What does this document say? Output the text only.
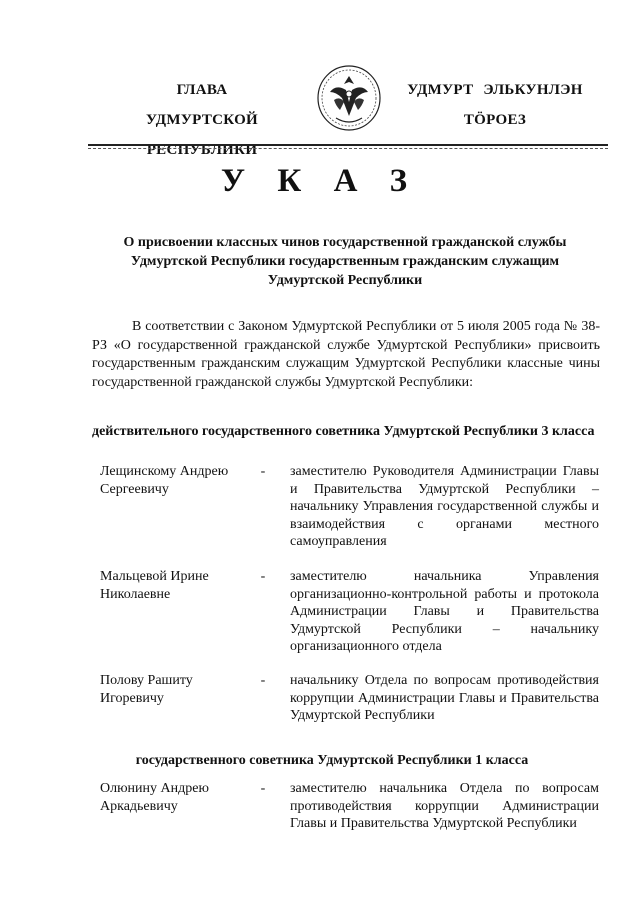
ГЛАВА
УДМУРТСКОЙ РЕСПУБЛИКИ
УДМУРТ ЭЛЬКУНЛЭН
ТӦРОЕЗ
У К А З
О присвоении классных чинов государственной гражданской службы Удмуртской Республики государственным гражданским служащим Удмуртской Республики
В соответствии с Законом Удмуртской Республики от 5 июля 2005 года № 38-РЗ «О государственной гражданской службе Удмуртской Республики» присвоить государственным гражданским служащим Удмуртской Республики классные чины государственной гражданской службы Удмуртской Республики:
действительного государственного советника Удмуртской Республики 3 класса
Лещинскому Андрею Сергеевичу
- заместителю Руководителя Администрации Главы и Правительства Удмуртской Республики – начальнику Управления государственной службы и взаимодействия с органами местного самоуправления
Мальцевой Ирине Николаевне
- заместителю начальника Управления организационно-контрольной работы и протокола Администрации Главы и Правительства Удмуртской Республики – начальнику организационного отдела
Полову Рашиту Игоревичу
- начальнику Отдела по вопросам противодействия коррупции Администрации Главы и Правительства Удмуртской Республики
государственного советника Удмуртской Республики 1 класса
Олюнину Андрею Аркадьевичу
- заместителю начальника Отдела по вопросам противодействия коррупции Администрации Главы и Правительства Удмуртской Республики
